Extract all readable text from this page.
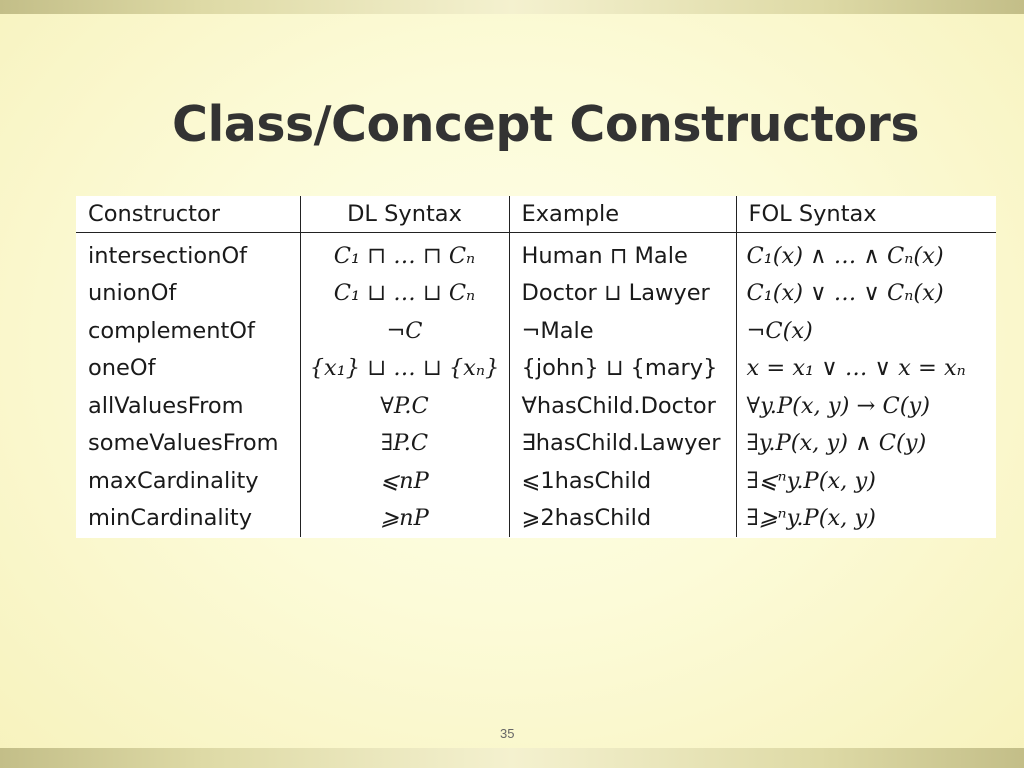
Class/Concept Constructors
Constructor	DL Syntax	Example	FOL Syntax
intersectionOf	C₁ ⊓ … ⊓ Cₙ	Human ⊓ Male	C₁(x) ∧ … ∧ Cₙ(x)
unionOf	C₁ ⊔ … ⊔ Cₙ	Doctor ⊔ Lawyer	C₁(x) ∨ … ∨ Cₙ(x)
complementOf	¬C	¬Male	¬C(x)
oneOf	{x₁} ⊔ … ⊔ {xₙ}	{john} ⊔ {mary}	x = x₁ ∨ … ∨ x = xₙ
allValuesFrom	∀P.C	∀hasChild.Doctor	∀y.P(x, y) → C(y)
someValuesFrom	∃P.C	∃hasChild.Lawyer	∃y.P(x, y) ∧ C(y)
maxCardinality	⩽nP	⩽1hasChild	∃⩽ⁿy.P(x, y)
minCardinality	⩾nP	⩾2hasChild	∃⩾ⁿy.P(x, y)
35
